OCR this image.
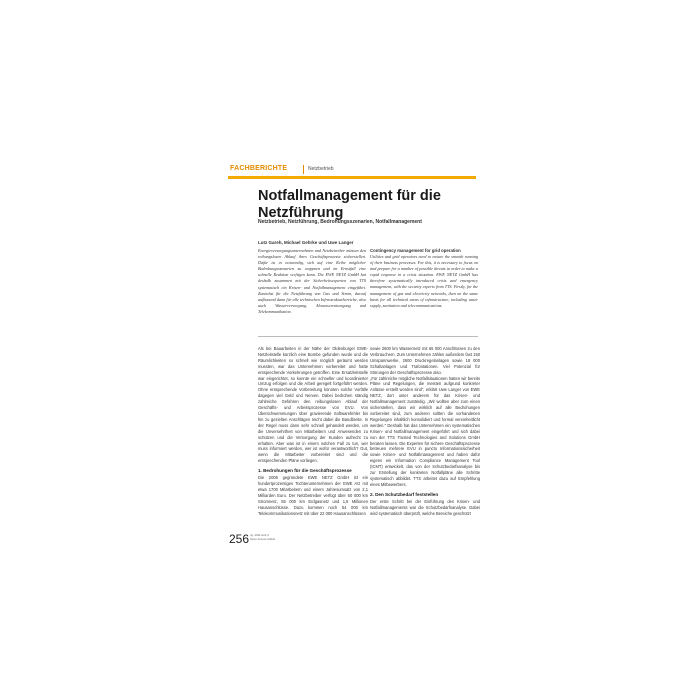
FACHBERICHTE	Netzbetrieb
Notfallmanagement für die Netzführung
Netzbetrieb, Netzführung, Bedrohungsszenarien, Notfallmanagement
Lutz Gareh, Michael Gehrke und Uwe Langer

Energieversorgungsunternehmen und Netzbetreiber müssen den reibungslosen Ablauf ihres Geschäftsprozesse sicherstellen. Dafür ist es notwendig, sich auf eine Reihe möglicher Bedrohungsszenarien zu wappnen und im Ernstfall eine schnelle Reaktion verfügen kann. Die EWE NETZ GmbH hat deshalb zusammen mit der Sicherheitsexperten von TTS systematisch ein Krisen- und Notfallmanagement eingeführt. Zunächst für die Netzführung von Gas und Strom, darauf aufbauend dann für alle technischen Infrastrukturbereiche, also auch Wasserversorgung, Abwasserentsorgung und Telekommunikation.

Contingency management for grid operation

Utilities and grid operators need to ensure the smooth running of their business processes. For this, it is necessary to focus on and prepare for a number of possible threats in order to make a rapid response in a crisis situation. EWE NETZ GmbH has therefore systematically introduced crisis and emergency management, with the security experts from TTS. Firstly, for the management of gas and electricity networks, then on the same basis for all technical areas of infrastructure, including water supply, sanitation and telecommunications.

Als bei Bauarbeiten in der Nähe der Oldenburger EWE-Netzleitstelle kürzlich eine Bombe gefunden wurde und die Räumlichkeiten so schnell wie möglich geräumt werden mussten, war das Unternehmen vorbereitet und hatte entsprechende Vorkehrungen getroffen. Eine Ersatzleitstelle war eingerichtet, so konnte ein schneller und koordinierter Umzug erfolgen und die Arbeit geregelt fortgeführt werden. Ohne entsprechende Vorbereitung könnten solche Vorfälle dagegen viel Geld und Nerven. Dabei bedrohen ständig zahlreiche Gefahren den reibungslosen Ablauf der Geschäfts- und Arbeitsprozesse von EVU. Von Überschwemmungen über gravierende Softwarefehler bis hin zu gezielten Anschlägen reicht dabei die Bandbreite. In der Regel muss dann sehr schnell gehandelt werden, um die Unversehrtheit von Mitarbeitern und Anwesenden zu schützen und die Versorgung der Kunden aufrecht zu erhalten. Aber was ist in einem solchen Fall zu tun, wer muss informiert werden, wer ist wofür verantwortlich? Gut, wenn die Mitarbeiter vorbereitet sind und die entsprechenden Pläne vorliegen.

1. Bedrohungen für die Geschäftsprozesse

Die 2006 gegründete EWE NETZ GmbH ist ein hundertprozentiges Tochterunternehmen der EWE AG mit etwa 1700 Mitarbeitern und einem Jahresumsatz von 2,1 Milliarden Euro. Der Netzbetreiber verfügt über 60 000 km Stromnetz, 55 000 km Erdgasnetz und 1,5 Millionen Hausanschlüsse. Dazu kommen noch 54 000 km Telekommunikationsnetz mit über 22 000 Hausanschlüssen

sowie 2600 km Wassernetz mit 65 000 Anschlüssen zu den Verbrauchern. Zum Unternehmen zählen außerdem fast 150 Umspannwerke, 2600 Druckregelanlagen sowie 18 000 Schaltanlagen und Trafostationen. Viel Potenzial für Störungen der Geschäftsprozesse also.

„Für zahlreiche mögliche Notfallsituationen hatten wir bereits Pläne und Regelungen, die meisten aufgrund konkreter Anlässe erstellt worden sind“, erklärt Uwe Langer von EWE NETZ, dort unter anderem für das Krisen- und Notfallmanagement zuständig. „Wir wollten aber zum einen sicherstellen, dass wir wirklich auf alle Bedrohungen vorbereitet sind, zum anderen sollten die vorhandenen Regelungen inhaltlich konsolidiert und formal vereinheitlicht werden.“ Deshalb hat das Unternehmen ein systematisches Krisen- und Notfallmanagement eingeführt und sich dabei von der TTS Trusted Technologies and Solutions GmbH beraten lassen. Die Experten für sichere Geschäftsprozesse betreuen mehrere EVU in puncto Informationssicherheit sowie Krisen- und Notfallmanagement und haben dafür eigens ein Information Compliance Management Tool (ICMT) entwickelt, das von der Schutzbedarfsanalyse bis zur Erstellung der konkreten Notfallpläne alle Schritte systematisch abbildet. TTS arbeitet dazu auf Empfehlung eines Mitbewerbers.

2. Den Schutzbedarf feststellen

Der erste Schritt bei der Einführung des Krisen- und Notfallmanagements war die Schutzbedarfsanalyse. Dabei wird systematisch überprüft, welche Bereiche geschützt

256 Jg. 2011 Heft 4
Open Access Artikel
